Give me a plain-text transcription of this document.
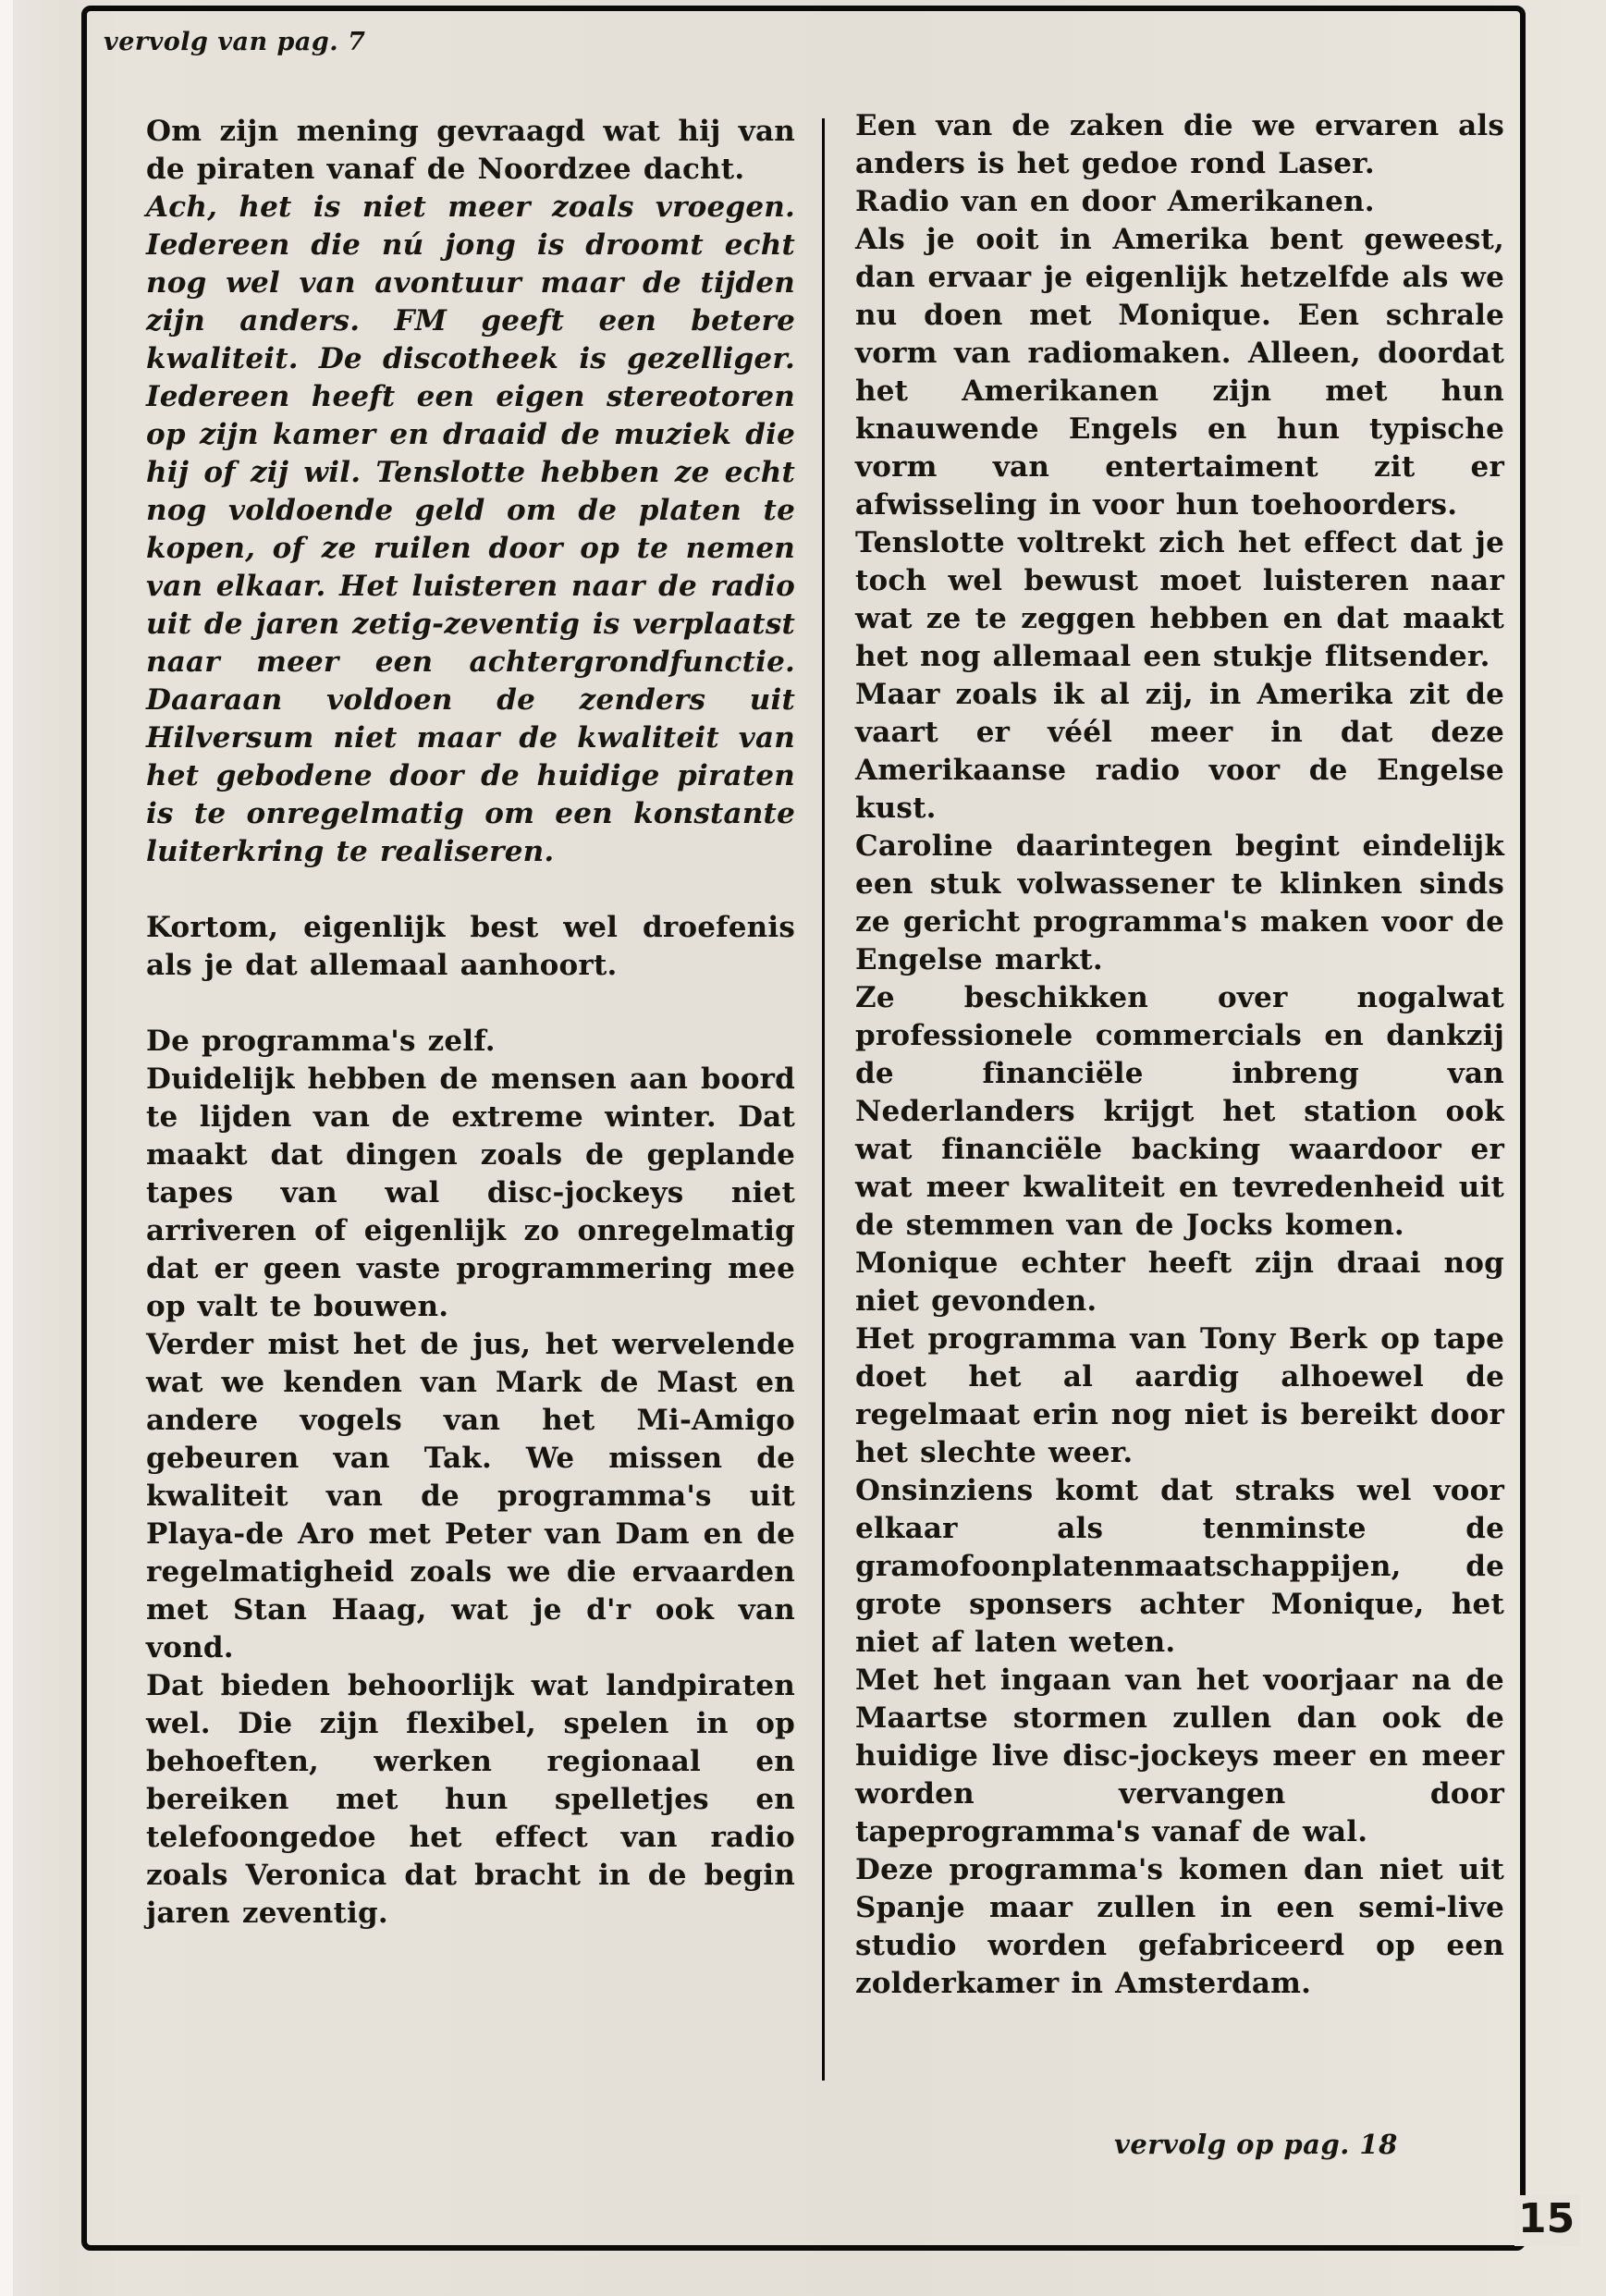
vervolg van pag. 7

Om zijn mening gevraagd wat hij van de piraten vanaf de Noordzee dacht.

Ach, het is niet meer zoals vroegen. Iedereen die nú jong is droomt echt nog wel van avontuur maar de tijden zijn anders. FM geeft een betere kwaliteit. De discotheek is gezelliger. Iedereen heeft een eigen stereotoren op zijn kamer en draaid de muziek die hij of zij wil. Tenslotte hebben ze echt nog voldoende geld om de platen te kopen, of ze ruilen door op te nemen van elkaar. Het luisteren naar de radio uit de jaren zetig-zeventig is verplaatst naar meer een achtergrondfunctie. Daaraan voldoen de zenders uit Hilversum niet maar de kwaliteit van het gebodene door de huidige piraten is te onregelmatig om een konstante luiterkring te realiseren.

Kortom, eigenlijk best wel droefenis als je dat allemaal aanhoort.

De programma's zelf.

Duidelijk hebben de mensen aan boord te lijden van de extreme winter. Dat maakt dat dingen zoals de geplande tapes van wal disc-jockeys niet arriveren of eigenlijk zo onregelmatig dat er geen vaste programmering mee op valt te bouwen.

Verder mist het de jus, het wervelende wat we kenden van Mark de Mast en andere vogels van het Mi-Amigo gebeuren van Tak. We missen de kwaliteit van de programma's uit Playa-de Aro met Peter van Dam en de regelmatigheid zoals we die ervaarden met Stan Haag, wat je d'r ook van vond.

Dat bieden behoorlijk wat landpiraten wel. Die zijn flexibel, spelen in op behoeften, werken regionaal en bereiken met hun spelletjes en telefoongedoe het effect van radio zoals Veronica dat bracht in de begin jaren zeventig.

Een van de zaken die we ervaren als anders is het gedoe rond Laser.

Radio van en door Amerikanen.

Als je ooit in Amerika bent geweest, dan ervaar je eigenlijk hetzelfde als we nu doen met Monique. Een schrale vorm van radiomaken. Alleen, doordat het Amerikanen zijn met hun knauwende Engels en hun typische vorm van entertaiment zit er afwisseling in voor hun toehoorders.

Tenslotte voltrekt zich het effect dat je toch wel bewust moet luisteren naar wat ze te zeggen hebben en dat maakt het nog allemaal een stukje flitsender.

Maar zoals ik al zij, in Amerika zit de vaart er véél meer in dat deze Amerikaanse radio voor de Engelse kust.

Caroline daarintegen begint eindelijk een stuk volwassener te klinken sinds ze gericht programma's maken voor de Engelse markt.

Ze beschikken over nogalwat professionele commercials en dankzij de financiële inbreng van Nederlanders krijgt het station ook wat financiële backing waardoor er wat meer kwaliteit en tevredenheid uit de stemmen van de Jocks komen.

Monique echter heeft zijn draai nog niet gevonden.

Het programma van Tony Berk op tape doet het al aardig alhoewel de regelmaat erin nog niet is bereikt door het slechte weer.

Onsinziens komt dat straks wel voor elkaar als tenminste de gramofoonplatenmaatschappijen, de grote sponsers achter Monique, het niet af laten weten.

Met het ingaan van het voorjaar na de Maartse stormen zullen dan ook de huidige live disc-jockeys meer en meer worden vervangen door tapeprogramma's vanaf de wal.

Deze programma's komen dan niet uit Spanje maar zullen in een semi-live studio worden gefabriceerd op een zolderkamer in Amsterdam.

vervolg op pag. 18
15
